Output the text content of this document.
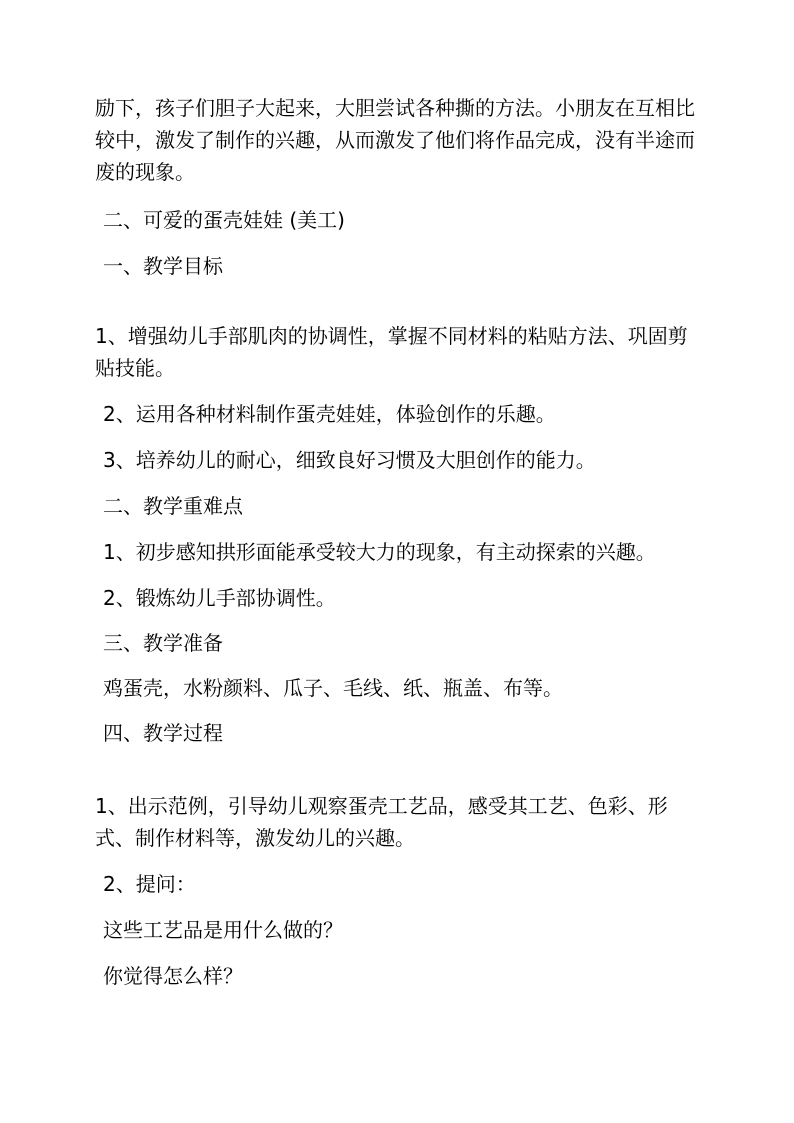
励下，孩子们胆子大起来，大胆尝试各种撕的方法。小朋友在互相比较中，激发了制作的兴趣，从而激发了他们将作品完成，没有半途而废的现象。
二、可爱的蛋壳娃娃 (美工)
一、教学目标
1、增强幼儿手部肌肉的协调性，掌握不同材料的粘贴方法、巩固剪贴技能。
2、运用各种材料制作蛋壳娃娃，体验创作的乐趣。
3、培养幼儿的耐心，细致良好习惯及大胆创作的能力。
二、教学重难点
1、初步感知拱形面能承受较大力的现象，有主动探索的兴趣。
2、锻炼幼儿手部协调性。
三、教学准备
鸡蛋壳，水粉颜料、瓜子、毛线、纸、瓶盖、布等。
四、教学过程
1、出示范例，引导幼儿观察蛋壳工艺品，感受其工艺、色彩、形式、制作材料等，激发幼儿的兴趣。
2、提问：
这些工艺品是用什么做的？
你觉得怎么样？
